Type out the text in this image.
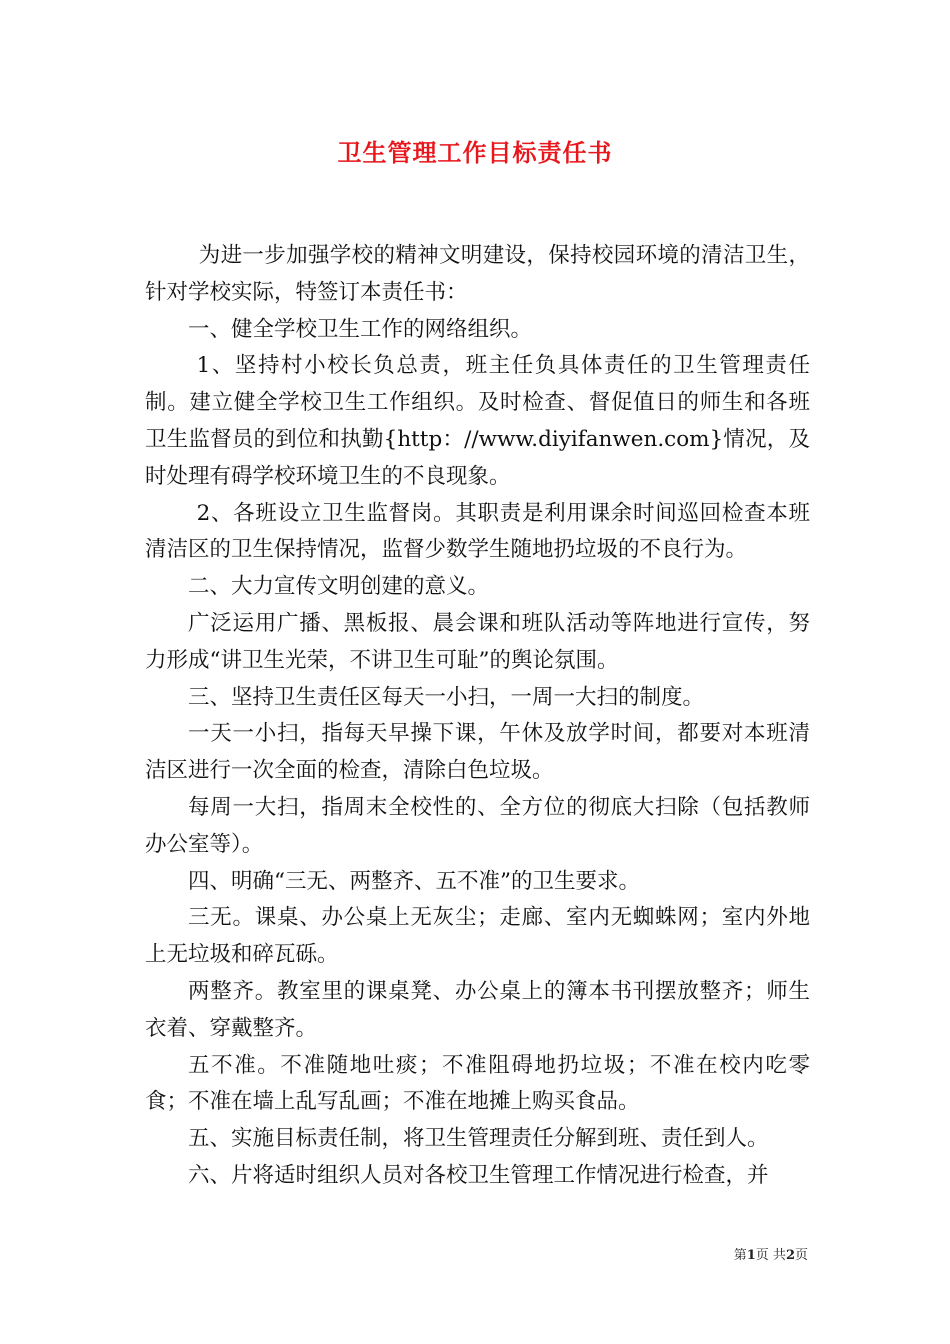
卫生管理工作目标责任书

为进一步加强学校的精神文明建设，保持校园环境的清洁卫生，针对学校实际，特签订本责任书：

一、健全学校卫生工作的网络组织。

1、坚持村小校长负总责，班主任负具体责任的卫生管理责任制。建立健全学校卫生工作组织。及时检查、督促值日的师生和各班卫生监督员的到位和执勤{http：//www.diyifanwen.com}情况，及时处理有碍学校环境卫生的不良现象。

2、各班设立卫生监督岗。其职责是利用课余时间巡回检查本班清洁区的卫生保持情况，监督少数学生随地扔垃圾的不良行为。

二、大力宣传文明创建的意义。

广泛运用广播、黑板报、晨会课和班队活动等阵地进行宣传，努力形成“讲卫生光荣，不讲卫生可耻”的舆论氛围。

三、坚持卫生责任区每天一小扫，一周一大扫的制度。

一天一小扫，指每天早操下课，午休及放学时间，都要对本班清洁区进行一次全面的检查，清除白色垃圾。

每周一大扫，指周末全校性的、全方位的彻底大扫除（包括教师办公室等）。

四、明确“三无、两整齐、五不准”的卫生要求。

三无。课桌、办公桌上无灰尘；走廊、室内无蜘蛛网；室内外地上无垃圾和碎瓦砾。

两整齐。教室里的课桌凳、办公桌上的簿本书刊摆放整齐；师生衣着、穿戴整齐。

五不准。不准随地吐痰；不准阻碍地扔垃圾；不准在校内吃零食；不准在墙上乱写乱画；不准在地摊上购买食品。

五、实施目标责任制，将卫生管理责任分解到班、责任到人。

六、片将适时组织人员对各校卫生管理工作情况进行检查，并

第1页 共2页
